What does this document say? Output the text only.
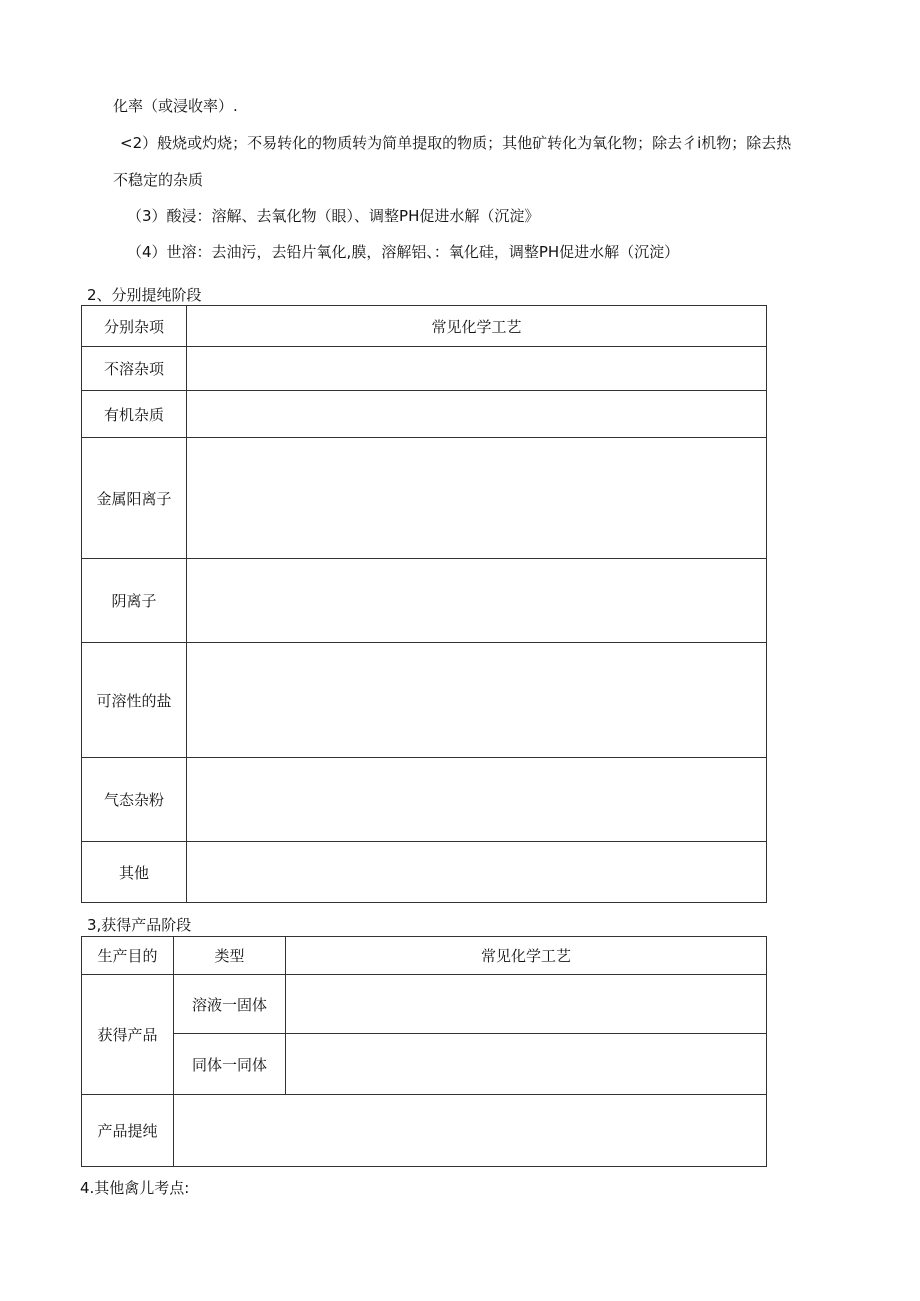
化率（或浸收率）.
<2）般烧或灼烧；不易转化的物质转为简单提取的物质；其他矿转化为氧化物；除去彳i机物；除去热
不稳定的杂质
（3）酸浸：溶解、去氧化物（眼）、调整PH促进水解（沉淀》
（4）世溶：去油污，去铅片氧化,膜，溶解铝、：氧化硅，调整PH促进水解（沉淀）
2、分别提纯阶段
分别杂项	常见化学工艺
不溶杂项	
有机杂质	
金属阳离子	
阴离子	
可溶性的盐	
气态杂粉	
其他	
3,获得产品阶段
生产目的	类型	常见化学工艺
获得产品	溶液一固体	
	同体一同体	
产品提纯		
4.其他禽儿考点:
